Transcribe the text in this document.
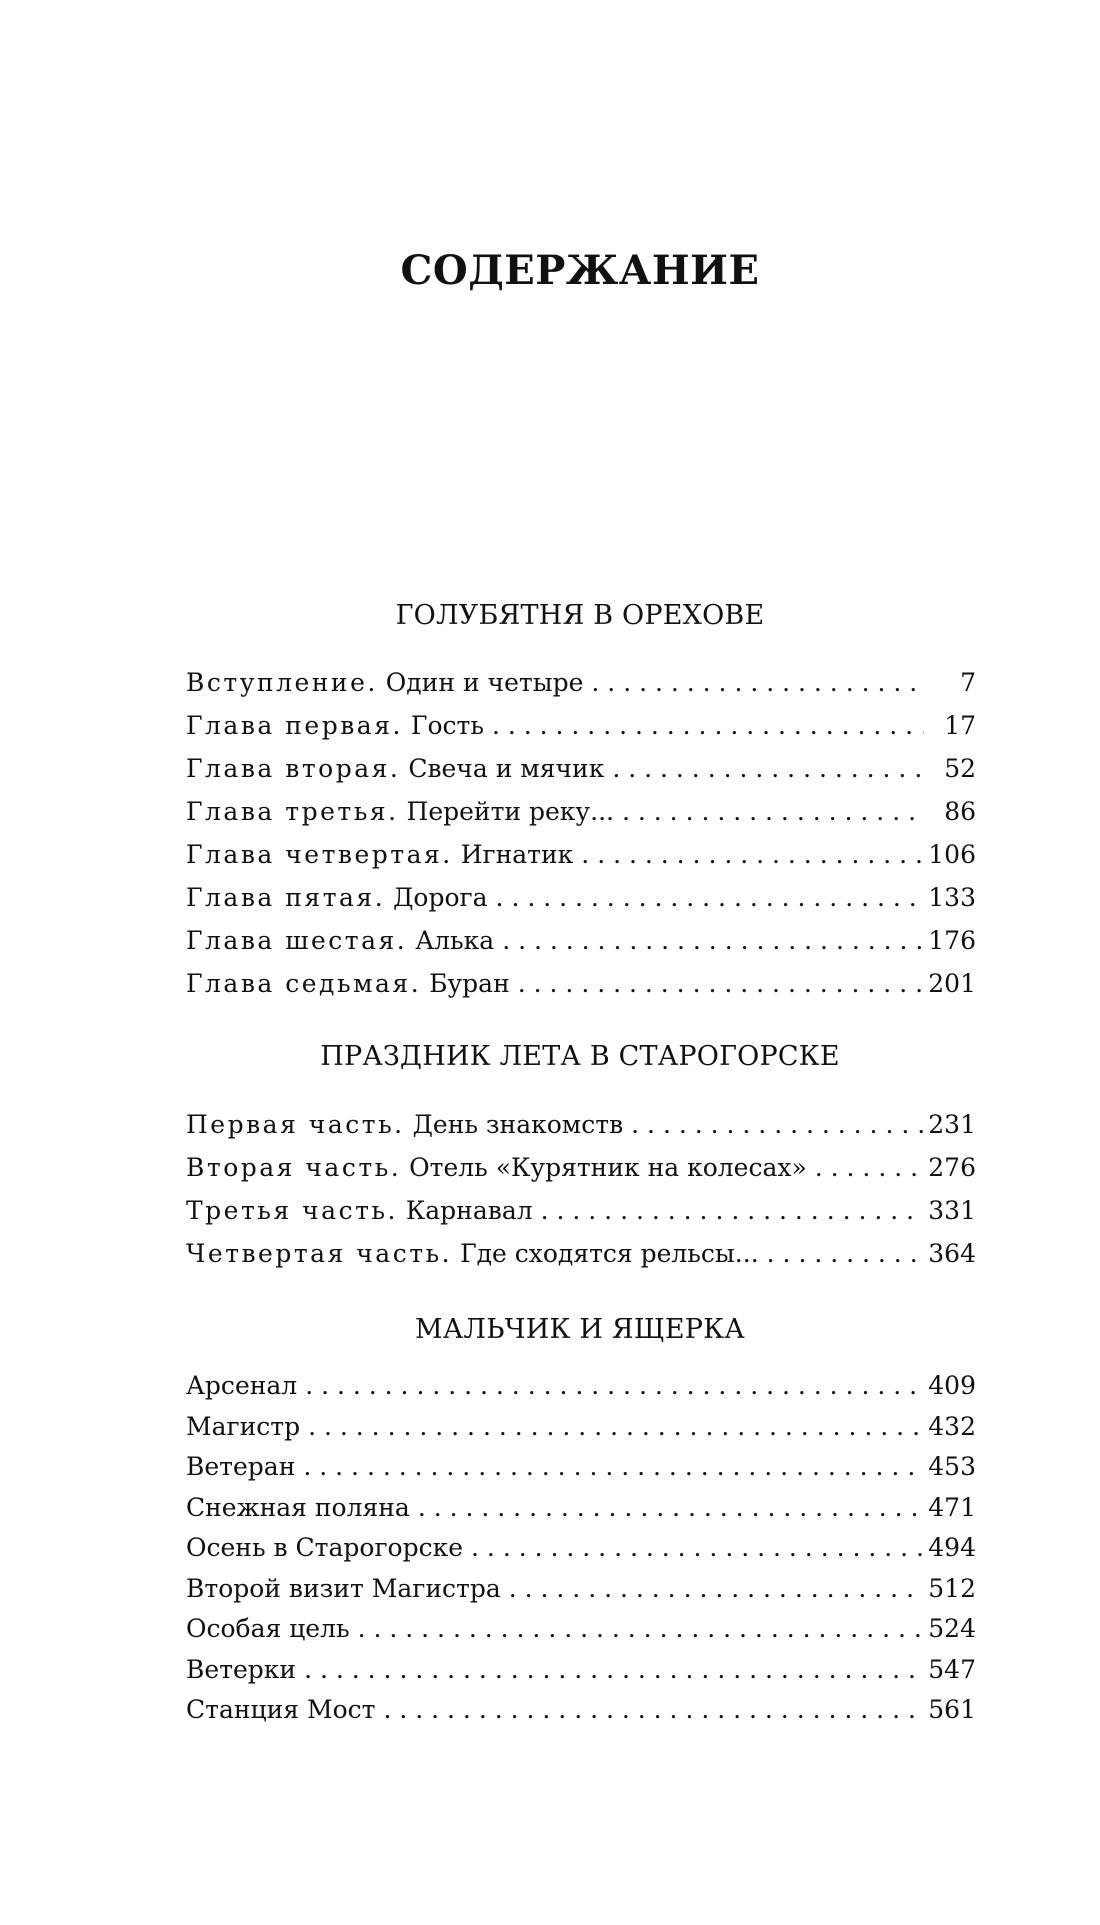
СОДЕРЖАНИЕ
ГОЛУБЯТНЯ В ОРЕХОВЕ
Вступление. Один и четыре . . .	7
Глава первая. Гость . . .	17
Глава вторая. Свеча и мячик . . .	52
Глава третья. Перейти реку... . . .	86
Глава четвертая. Игнатик . . .	106
Глава пятая. Дорога . . .	133
Глава шестая. Алька . . .	176
Глава седьмая. Буран . . .	201
ПРАЗДНИК ЛЕТА В СТАРОГОРСКЕ
Первая часть. День знакомств . . .	231
Вторая часть. Отель «Курятник на колесах» . . .	276
Третья часть. Карнавал . . .	331
Четвертая часть. Где сходятся рельсы... . . .	364
МАЛЬЧИК И ЯЩЕРКА
Арсенал . . .	409
Магистр . . .	432
Ветеран . . .	453
Снежная поляна . . .	471
Осень в Старогорске . . .	494
Второй визит Магистра . . .	512
Особая цель . . .	524
Ветерки . . .	547
Станция Мост . . .	561
